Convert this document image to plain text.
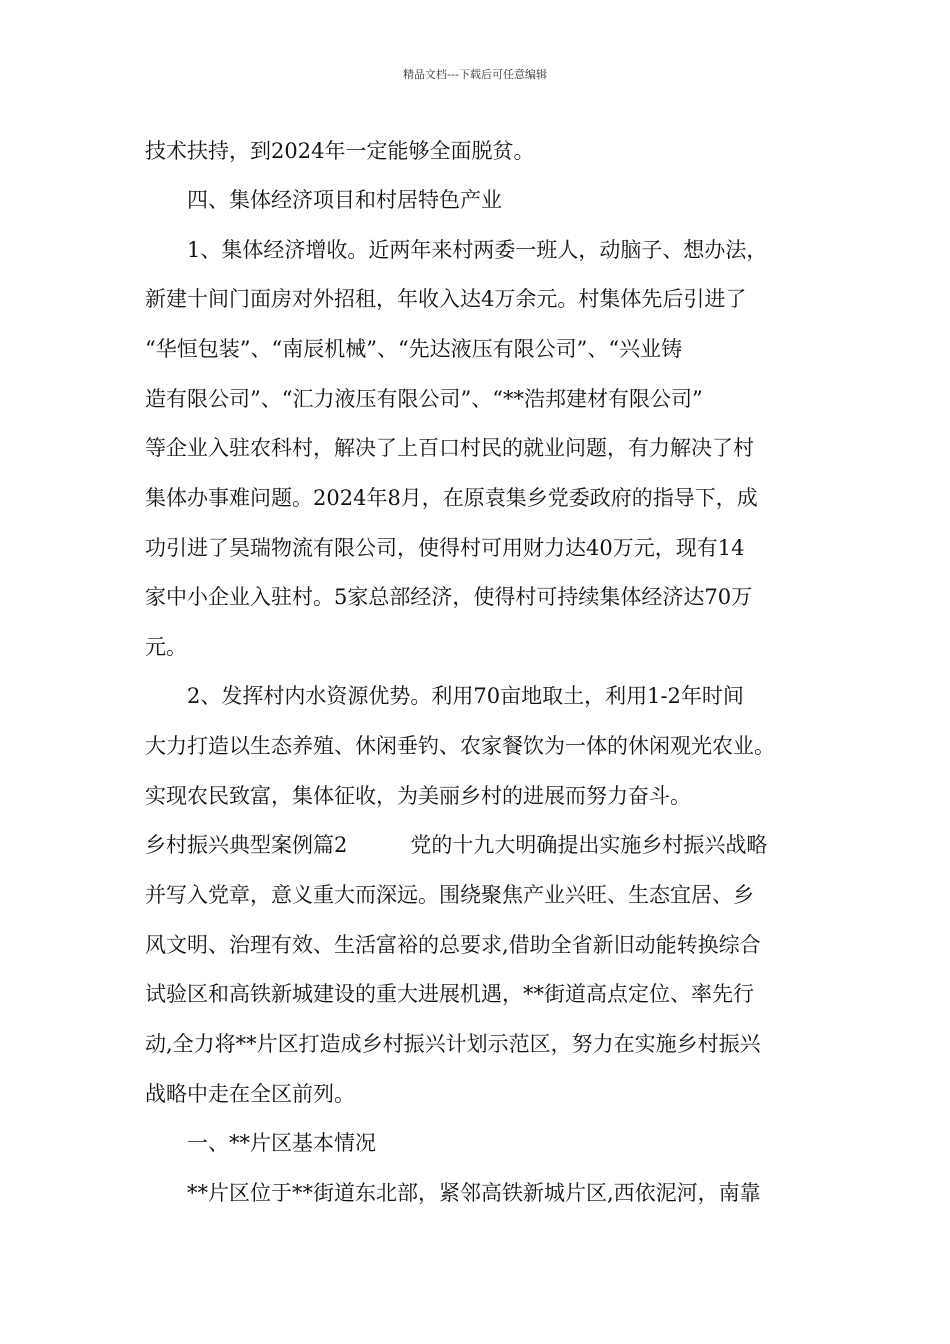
精品文档---下载后可任意编辑
技术扶持，到2024年一定能够全面脱贫。
四、集体经济项目和村居特色产业
1、集体经济增收。近两年来村两委一班人，动脑子、想办法，
新建十间门面房对外招租，年收入达4万余元。村集体先后引进了
“华恒包装”、“南辰机械”、“先达液压有限公司”、“兴业铸
造有限公司”、“汇力液压有限公司”、“**浩邦建材有限公司”
等企业入驻农科村，解决了上百口村民的就业问题，有力解决了村
集体办事难问题。2024年8月，在原袁集乡党委政府的指导下，成
功引进了昊瑞物流有限公司，使得村可用财力达40万元，现有14
家中小企业入驻村。5家总部经济，使得村可持续集体经济达70万
元。
2、发挥村内水资源优势。利用70亩地取土，利用1-2年时间
大力打造以生态养殖、休闲垂钓、农家餐饮为一体的休闲观光农业。
实现农民致富，集体征收，为美丽乡村的进展而努力奋斗。
乡村振兴典型案例篇2　　　党的十九大明确提出实施乡村振兴战略
并写入党章，意义重大而深远。围绕聚焦产业兴旺、生态宜居、乡
风文明、治理有效、生活富裕的总要求,借助全省新旧动能转换综合
试验区和高铁新城建设的重大进展机遇，**街道高点定位、率先行
动,全力将**片区打造成乡村振兴计划示范区，努力在实施乡村振兴
战略中走在全区前列。
一、**片区基本情况
**片区位于**街道东北部，紧邻高铁新城片区,西依泥河，南靠
